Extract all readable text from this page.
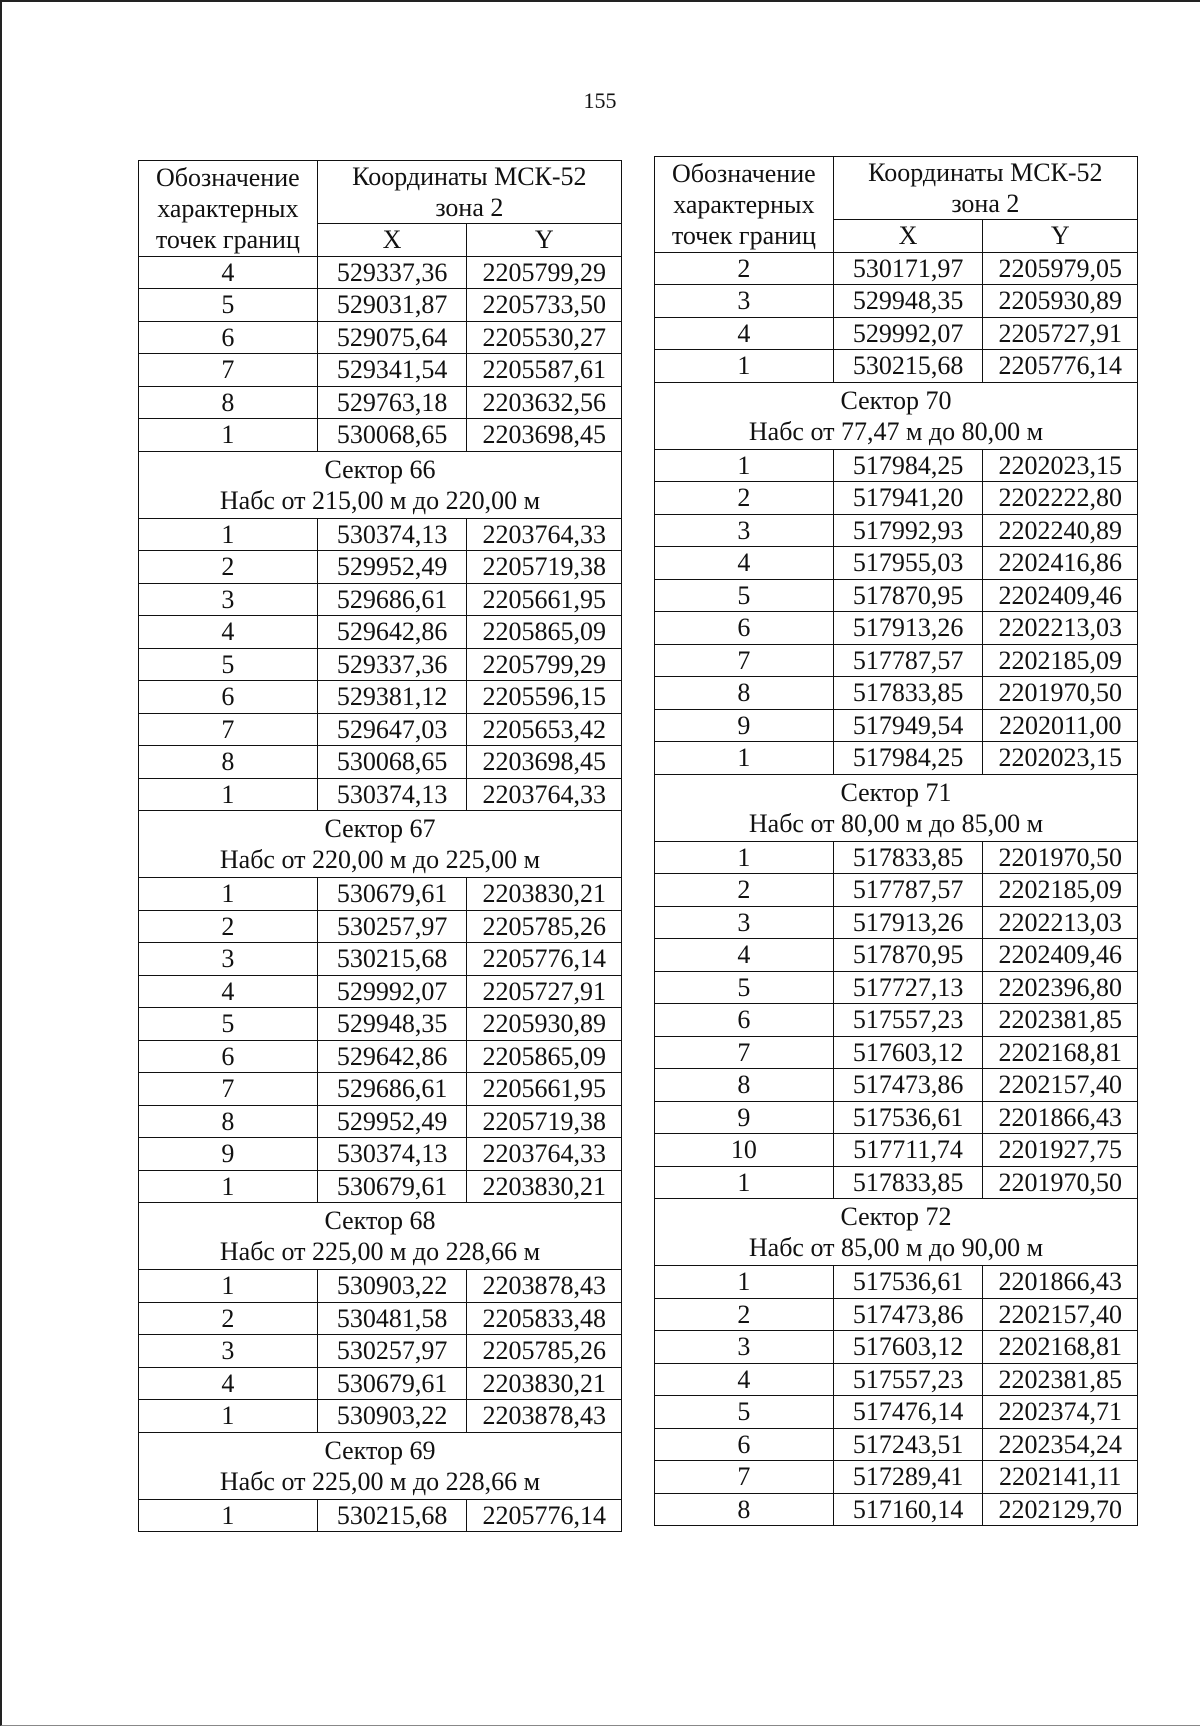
155
Обозначение характерных точек границ	Координаты МСК-52
зона 2	
	X	Y
4	529337,36	2205799,29
5	529031,87	2205733,50
6	529075,64	2205530,27
7	529341,54	2205587,61
8	529763,18	2203632,56
1	530068,65	2203698,45
Сектор 66
Набс от 215,00 м до 220,00 м		
1	530374,13	2203764,33
2	529952,49	2205719,38
3	529686,61	2205661,95
4	529642,86	2205865,09
5	529337,36	2205799,29
6	529381,12	2205596,15
7	529647,03	2205653,42
8	530068,65	2203698,45
1	530374,13	2203764,33
Сектор 67
Набс от 220,00 м до 225,00 м		
1	530679,61	2203830,21
2	530257,97	2205785,26
3	530215,68	2205776,14
4	529992,07	2205727,91
5	529948,35	2205930,89
6	529642,86	2205865,09
7	529686,61	2205661,95
8	529952,49	2205719,38
9	530374,13	2203764,33
1	530679,61	2203830,21
Сектор 68
Набс от 225,00 м до 228,66 м		
1	530903,22	2203878,43
2	530481,58	2205833,48
3	530257,97	2205785,26
4	530679,61	2203830,21
1	530903,22	2203878,43
Сектор 69
Набс от 225,00 м до 228,66 м		
1	530215,68	2205776,14
Обозначение характерных точек границ	Координаты МСК-52
зона 2	
	X	Y
2	530171,97	2205979,05
3	529948,35	2205930,89
4	529992,07	2205727,91
1	530215,68	2205776,14
Сектор 70
Набс от 77,47 м до 80,00 м		
1	517984,25	2202023,15
2	517941,20	2202222,80
3	517992,93	2202240,89
4	517955,03	2202416,86
5	517870,95	2202409,46
6	517913,26	2202213,03
7	517787,57	2202185,09
8	517833,85	2201970,50
9	517949,54	2202011,00
1	517984,25	2202023,15
Сектор 71
Набс от 80,00 м до 85,00 м		
1	517833,85	2201970,50
2	517787,57	2202185,09
3	517913,26	2202213,03
4	517870,95	2202409,46
5	517727,13	2202396,80
6	517557,23	2202381,85
7	517603,12	2202168,81
8	517473,86	2202157,40
9	517536,61	2201866,43
10	517711,74	2201927,75
1	517833,85	2201970,50
Сектор 72
Набс от 85,00 м до 90,00 м		
1	517536,61	2201866,43
2	517473,86	2202157,40
3	517603,12	2202168,81
4	517557,23	2202381,85
5	517476,14	2202374,71
6	517243,51	2202354,24
7	517289,41	2202141,11
8	517160,14	2202129,70
